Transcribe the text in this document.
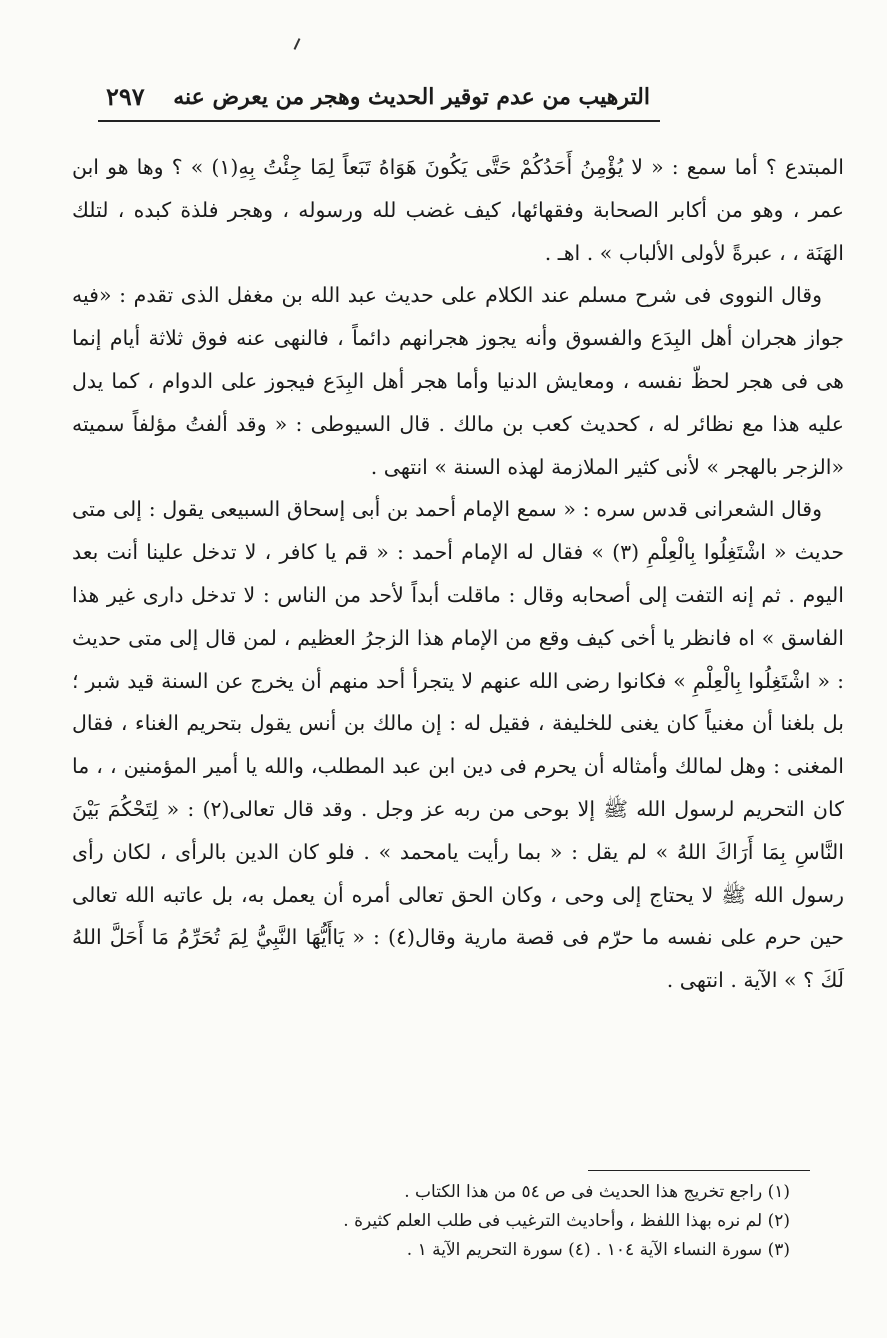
الترهيب من عدم توقير الحديث وهجر من يعرض عنه
٢٩٧

المبتدع ؟ أما سمع : « لا يُؤْمِنُ أَحَدُكُمْ حَتَّى يَكُونَ هَوَاهُ تَبَعاً لِمَا جِئْتُ بِهِ(١) » ؟ وها هو ابن عمر ، وهو من أكابر الصحابة وفقهائها، كيف غضب لله ورسوله ، وهجر فلذة كبده ، لتلك الهَنَة ، ، عبرةً لأولى الألباب » . اهـ .

وقال النووى فى شرح مسلم عند الكلام على حديث عبد الله بن مغفل الذى تقدم : «فيه جواز هجران أهل البِدَع والفسوق وأنه يجوز هجرانهم دائماً ، فالنهى عنه فوق ثلاثة أيام إنما هى فى هجر لحظّ نفسه ، ومعايش الدنيا وأما هجر أهل البِدَع فيجوز على الدوام ، كما يدل عليه هذا مع نظائر له ، كحديث كعب بن مالك . قال السيوطى : « وقد ألفتُ مؤلفاً سميته «الزجر بالهجر » لأنى كثير الملازمة لهذه السنة » انتهى .

وقال الشعرانى قدس سره : « سمع الإمام أحمد بن أبى إسحاق السبيعى يقول : إلى متى حديث « اشْتَغِلُوا بِالْعِلْمِ (٣) » فقال له الإمام أحمد : « قم يا كافر ، لا تدخل علينا أنت بعد اليوم . ثم إنه التفت إلى أصحابه وقال : ماقلت أبداً لأحد من الناس : لا تدخل دارى غير هذا الفاسق » اه فانظر يا أخى كيف وقع من الإمام هذا الزجرُ العظيم ، لمن قال إلى متى حديث : « اشْتَغِلُوا بِالْعِلْمِ » فكانوا رضى الله عنهم لا يتجرأ أحد منهم أن يخرج عن السنة قيد شبر ؛ بل بلغنا أن مغنياً كان يغنى للخليفة ، فقيل له : إن مالك بن أنس يقول بتحريم الغناء ، فقال المغنى : وهل لمالك وأمثاله أن يحرم فى دين ابن عبد المطلب، والله يا أمير المؤمنين ، ، ما كان التحريم لرسول الله ﷺ إلا بوحى من ربه عز وجل . وقد قال تعالى(٢) : « لِتَحْكُمَ بَيْنَ النَّاسِ بِمَا أَرَاكَ اللهُ » لم يقل : « بما رأيت يامحمد » . فلو كان الدين بالرأى ، لكان رأى رسول الله ﷺ لا يحتاج إلى وحى ، وكان الحق تعالى أمره أن يعمل به، بل عاتبه الله تعالى حين حرم على نفسه ما حرّم فى قصة مارية وقال(٤) : « يَاأَيُّهَا النَّبِيُّ لِمَ تُحَرِّمُ مَا أَحَلَّ اللهُ لَكَ ؟ » الآية . انتهى .

(١) راجع تخريج هذا الحديث فى ص ٥٤ من هذا الكتاب .
(٢) لم نره بهذا اللفظ ، وأحاديث الترغيب فى طلب العلم كثيرة .
(٣) سورة النساء الآية ١٠٤ . (٤) سورة التحريم الآية ١ .
